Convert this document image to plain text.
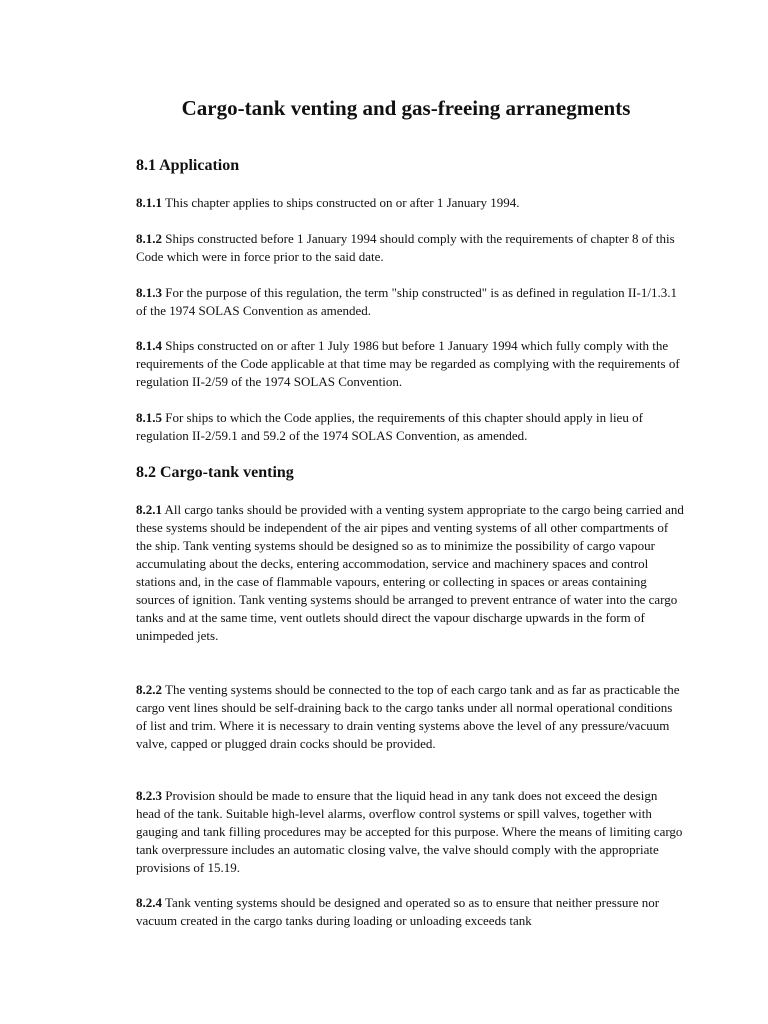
Cargo-tank venting and gas-freeing arranegments
8.1 Application

8.1.1 This chapter applies to ships constructed on or after 1 January 1994.

8.1.2 Ships constructed before 1 January 1994 should comply with the requirements of chapter 8 of this Code which were in force prior to the said date.

8.1.3 For the purpose of this regulation, the term "ship constructed" is as defined in regulation II-1/1.3.1 of the 1974 SOLAS Convention as amended.

8.1.4 Ships constructed on or after 1 July 1986 but before 1 January 1994 which fully comply with the requirements of the Code applicable at that time may be regarded as complying with the requirements of regulation II-2/59 of the 1974 SOLAS Convention.

8.1.5 For ships to which the Code applies, the requirements of this chapter should apply in lieu of regulation II-2/59.1 and 59.2 of the 1974 SOLAS Convention, as amended.

8.2 Cargo-tank venting

8.2.1 All cargo tanks should be provided with a venting system appropriate to the cargo being carried and these systems should be independent of the air pipes and venting systems of all other compartments of the ship. Tank venting systems should be designed so as to minimize the possibility of cargo vapour accumulating about the decks, entering accommodation, service and machinery spaces and control stations and, in the case of flammable vapours, entering or collecting in spaces or areas containing sources of ignition. Tank venting systems should be arranged to prevent entrance of water into the cargo tanks and at the same time, vent outlets should direct the vapour discharge upwards in the form of unimpeded jets.

8.2.2 The venting systems should be connected to the top of each cargo tank and as far as practicable the cargo vent lines should be self-draining back to the cargo tanks under all normal operational conditions of list and trim. Where it is necessary to drain venting systems above the level of any pressure/vacuum valve, capped or plugged drain cocks should be provided.

8.2.3 Provision should be made to ensure that the liquid head in any tank does not exceed the design head of the tank. Suitable high-level alarms, overflow control systems or spill valves, together with gauging and tank filling procedures may be accepted for this purpose. Where the means of limiting cargo tank overpressure includes an automatic closing valve, the valve should comply with the appropriate provisions of 15.19.

8.2.4 Tank venting systems should be designed and operated so as to ensure that neither pressure nor vacuum created in the cargo tanks during loading or unloading exceeds tank
